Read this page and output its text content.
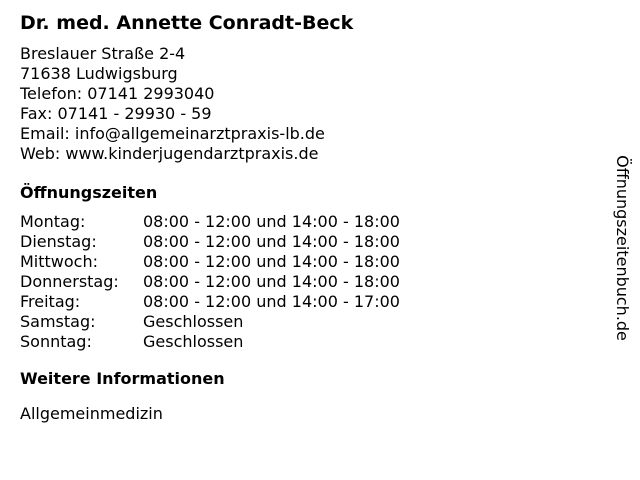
Dr. med. Annette Conradt-Beck
Breslauer Straße 2-4
71638 Ludwigsburg
Telefon: 07141 2993040
Fax: 07141 - 29930 - 59
Email: info@allgemeinarztpraxis-lb.de
Web: www.kinderjugendarztpraxis.de
Öffnungszeiten
Montag:	08:00 - 12:00 und 14:00 - 18:00
Dienstag:	08:00 - 12:00 und 14:00 - 18:00
Mittwoch:	08:00 - 12:00 und 14:00 - 18:00
Donnerstag:	08:00 - 12:00 und 14:00 - 18:00
Freitag:	08:00 - 12:00 und 14:00 - 17:00
Samstag:	Geschlossen
Sonntag:	Geschlossen
Weitere Informationen
Allgemeinmedizin
Öffnungszeitenbuch.de
